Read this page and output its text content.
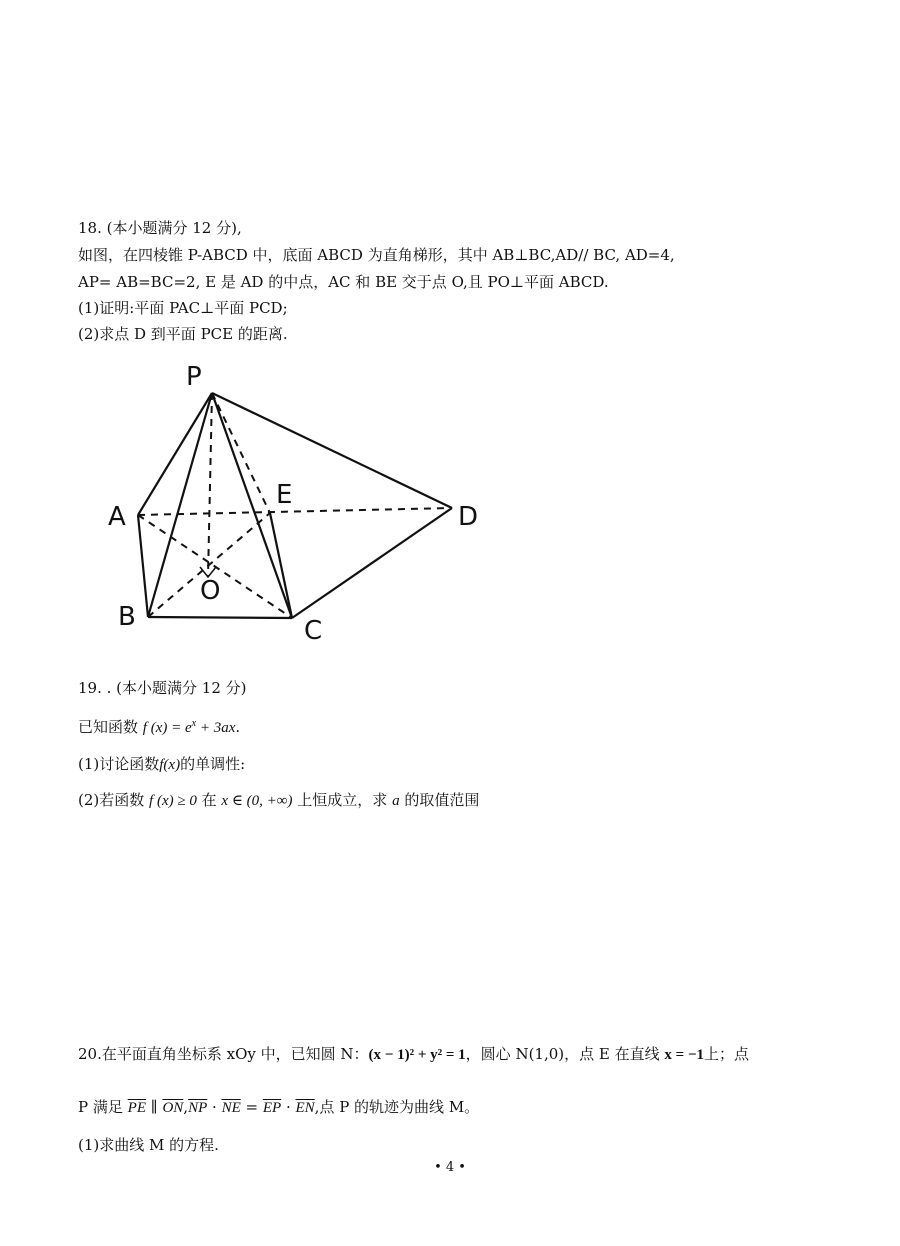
18. (本小题满分 12 分),
如图，在四棱锥 P-ABCD 中，底面 ABCD 为直角梯形，其中 AB⊥BC,AD// BC, AD=4,
AP= AB=BC=2, E 是 AD 的中点，AC 和 BE 交于点 O,且 PO⊥平面 ABCD.
(1)证明:平面 PAC⊥平面 PCD;
(2)求点 D 到平面 PCE 的距离.
P
A
B	C
D
E
O
19. . (本小题满分 12 分)
已知函数 f $(x) = e^x + 3ax$.
(1)讨论函数f(x)的单调性:
(2)若函数 f (x) ≥ 0 在 x ∈ (0, +∞) 上恒成立，求 a 的取值范围
20.在平面直角坐标系 xOy 中，已知圆 N：(x − 1)² + y² = 1，圆心 N(1,0)，点 E 在直线 x = −1上；点
P 满足 $\overline{PE}$ ∥ $\overline{ON},\overline{NP} \cdot \overline{NE} = \overline{EP} \cdot \overline{EN}$,点 P 的轨迹为曲线 M。
(1)求曲线 M 的方程.
• 4 •
